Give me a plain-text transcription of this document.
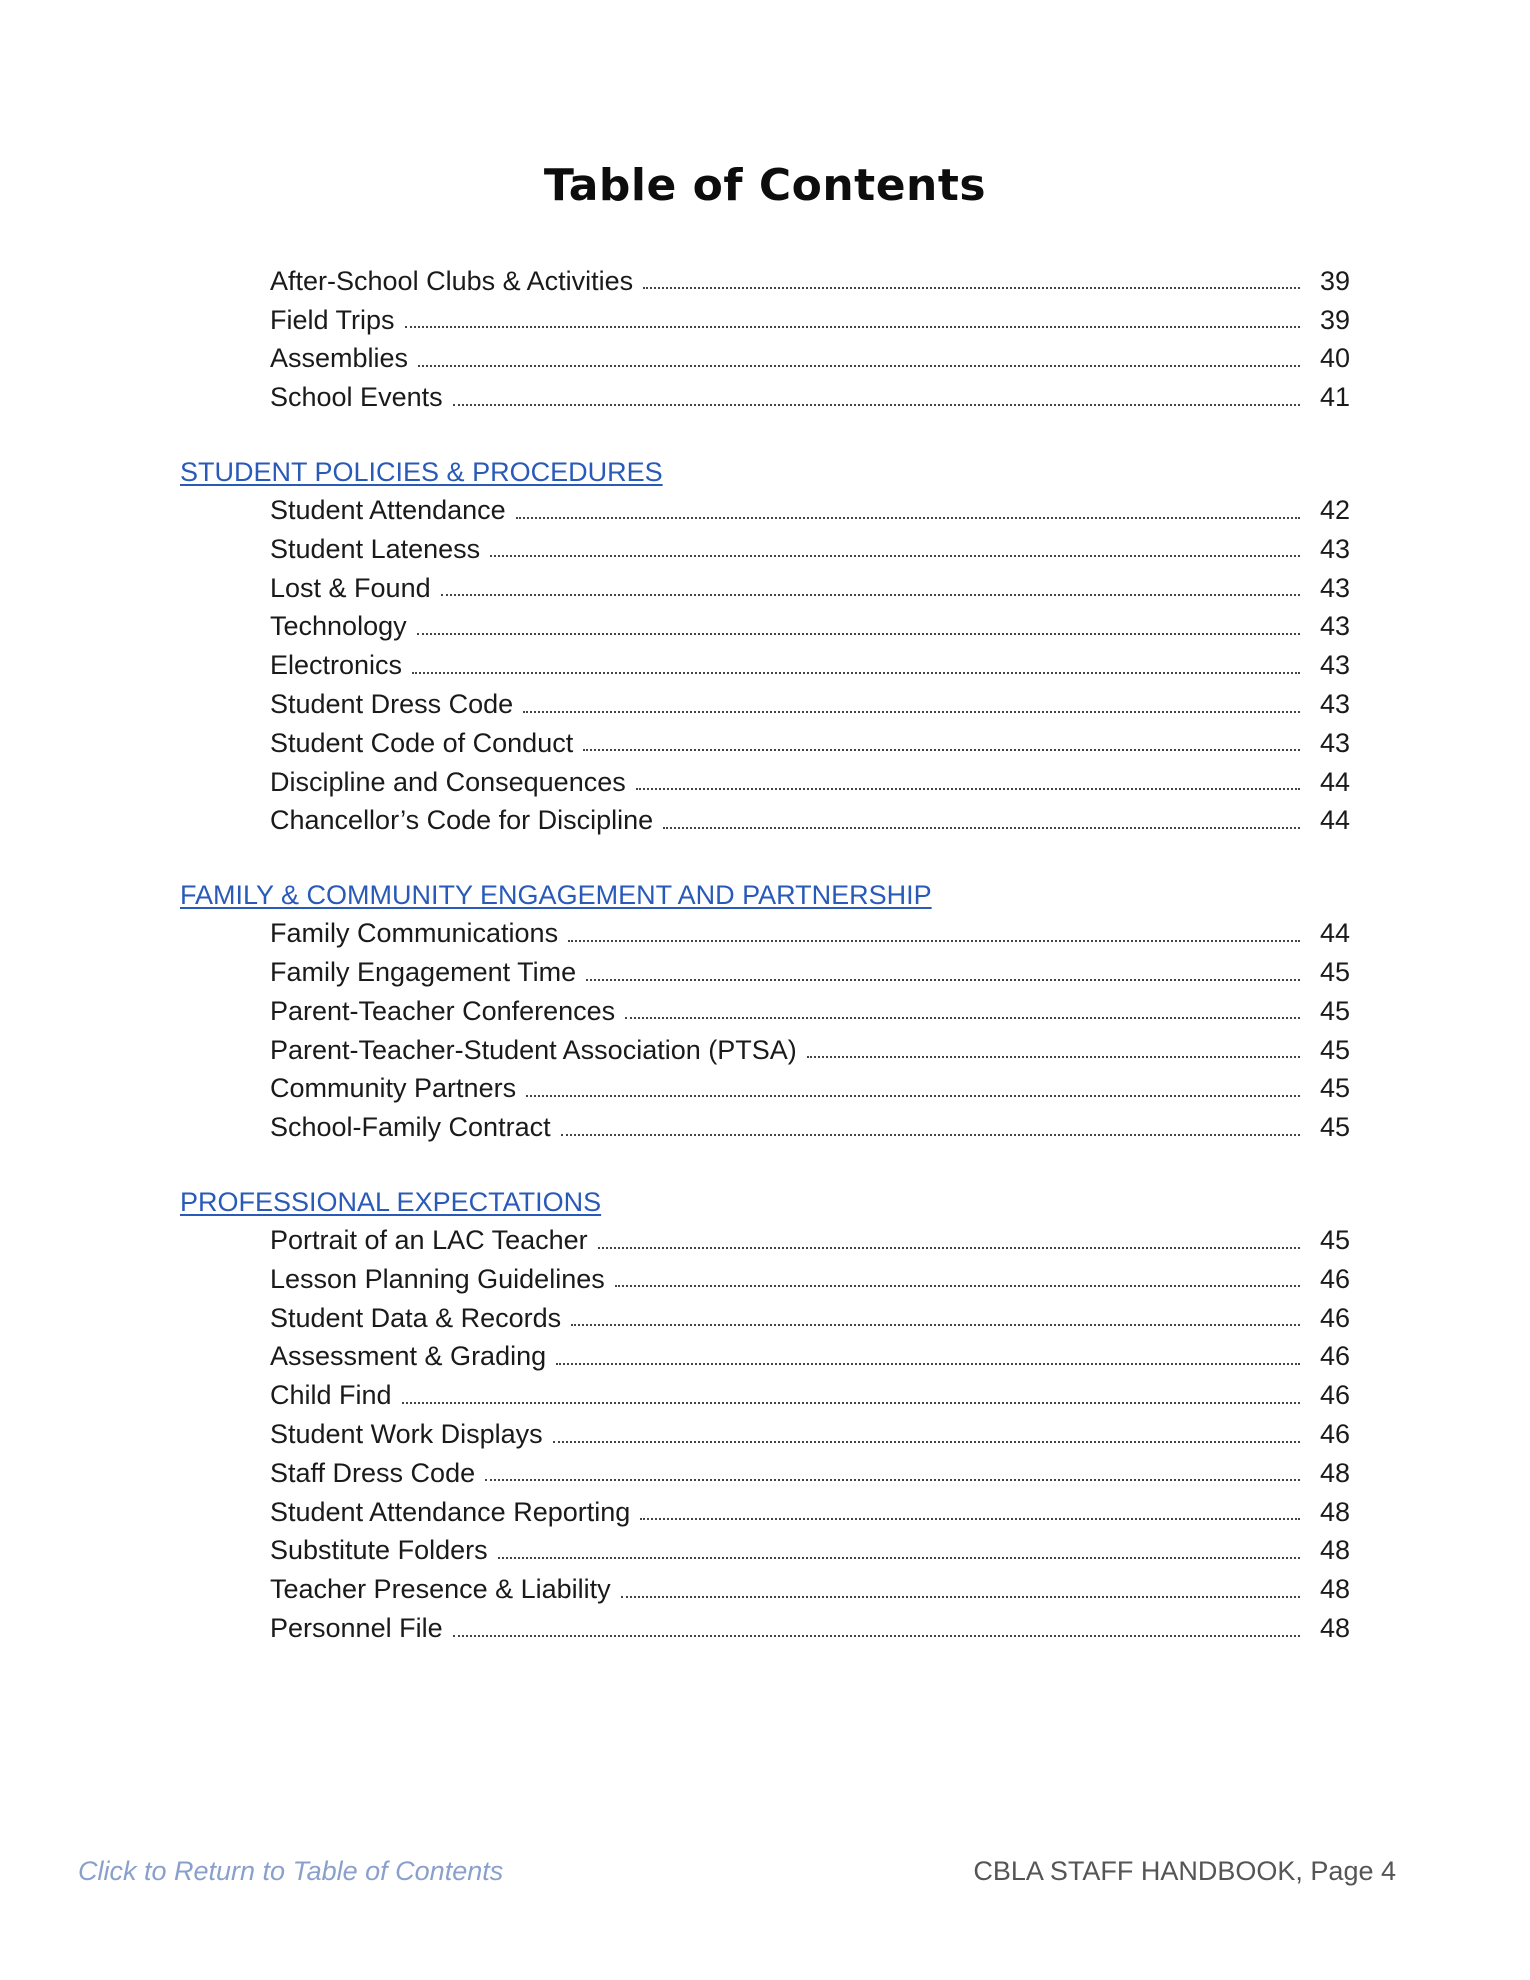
Table of Contents
After-School Clubs & Activities	39
Field Trips	39
Assemblies	40
School Events	41
STUDENT POLICIES & PROCEDURES
Student Attendance	42
Student Lateness	43
Lost & Found	43
Technology	43
Electronics	43
Student Dress Code	43
Student Code of Conduct	43
Discipline and Consequences	44
Chancellor’s Code for Discipline	44
FAMILY & COMMUNITY ENGAGEMENT AND PARTNERSHIP
Family Communications	44
Family Engagement Time	45
Parent-Teacher Conferences	45
Parent-Teacher-Student Association (PTSA)	45
Community Partners	45
School-Family Contract	45
PROFESSIONAL EXPECTATIONS
Portrait of an LAC Teacher	45
Lesson Planning Guidelines	46
Student Data & Records	46
Assessment & Grading	46
Child Find	46
Student Work Displays	46
Staff Dress Code	48
Student Attendance Reporting	48
Substitute Folders	48
Teacher Presence & Liability	48
Personnel File	48
Click to Return to Table of Contents	CBLA STAFF HANDBOOK, Page 4
